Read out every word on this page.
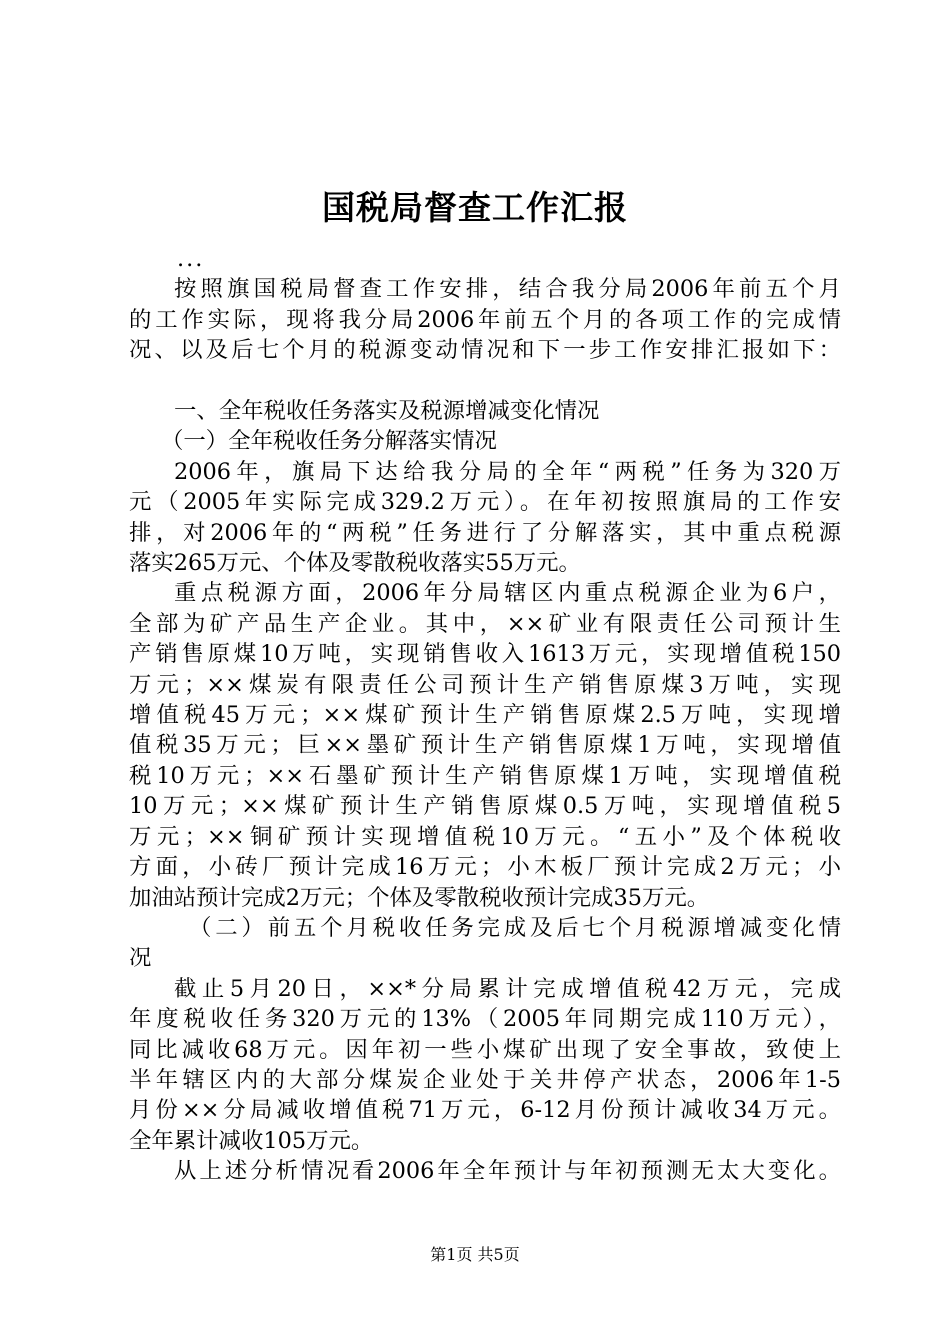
国税局督查工作汇报

...

按照旗国税局督查工作安排，结合我分局2006年前五个月

的工作实际，现将我分局2006年前五个月的各项工作的完成情

况、以及后七个月的税源变动情况和下一步工作安排汇报如下：

一、全年税收任务落实及税源增减变化情况

（一）全年税收任务分解落实情况

2006年，旗局下达给我分局的全年“两税”任务为320万

元（2005年实际完成329.2万元）。在年初按照旗局的工作安

排，对2006年的“两税”任务进行了分解落实，其中重点税源

落实265万元、个体及零散税收落实55万元。

重点税源方面，2006年分局辖区内重点税源企业为6户，

全部为矿产品生产企业。其中，××矿业有限责任公司预计生

产销售原煤10万吨，实现销售收入1613万元，实现增值税150

万元；××煤炭有限责任公司预计生产销售原煤3万吨，实现

增值税45万元；××煤矿预计生产销售原煤2.5万吨，实现增

值税35万元；巨××墨矿预计生产销售原煤1万吨，实现增值

税10万元；××石墨矿预计生产销售原煤1万吨，实现增值税

10万元；××煤矿预计生产销售原煤0.5万吨，实现增值税5

万元；××铜矿预计实现增值税10万元。“五小”及个体税收

方面，小砖厂预计完成16万元；小木板厂预计完成2万元；小

加油站预计完成2万元；个体及零散税收预计完成35万元。

（二）前五个月税收任务完成及后七个月税源增减变化情

况

截止5月20日，××*分局累计完成增值税42万元，完成

年度税收任务320万元的13%（2005年同期完成110万元），

同比减收68万元。因年初一些小煤矿出现了安全事故，致使上

半年辖区内的大部分煤炭企业处于关井停产状态，2006年1-5

月份××分局减收增值税71万元，6-12月份预计减收34万元。

全年累计减收105万元。

从上述分析情况看2006年全年预计与年初预测无太大变化。

第1页 共5页
